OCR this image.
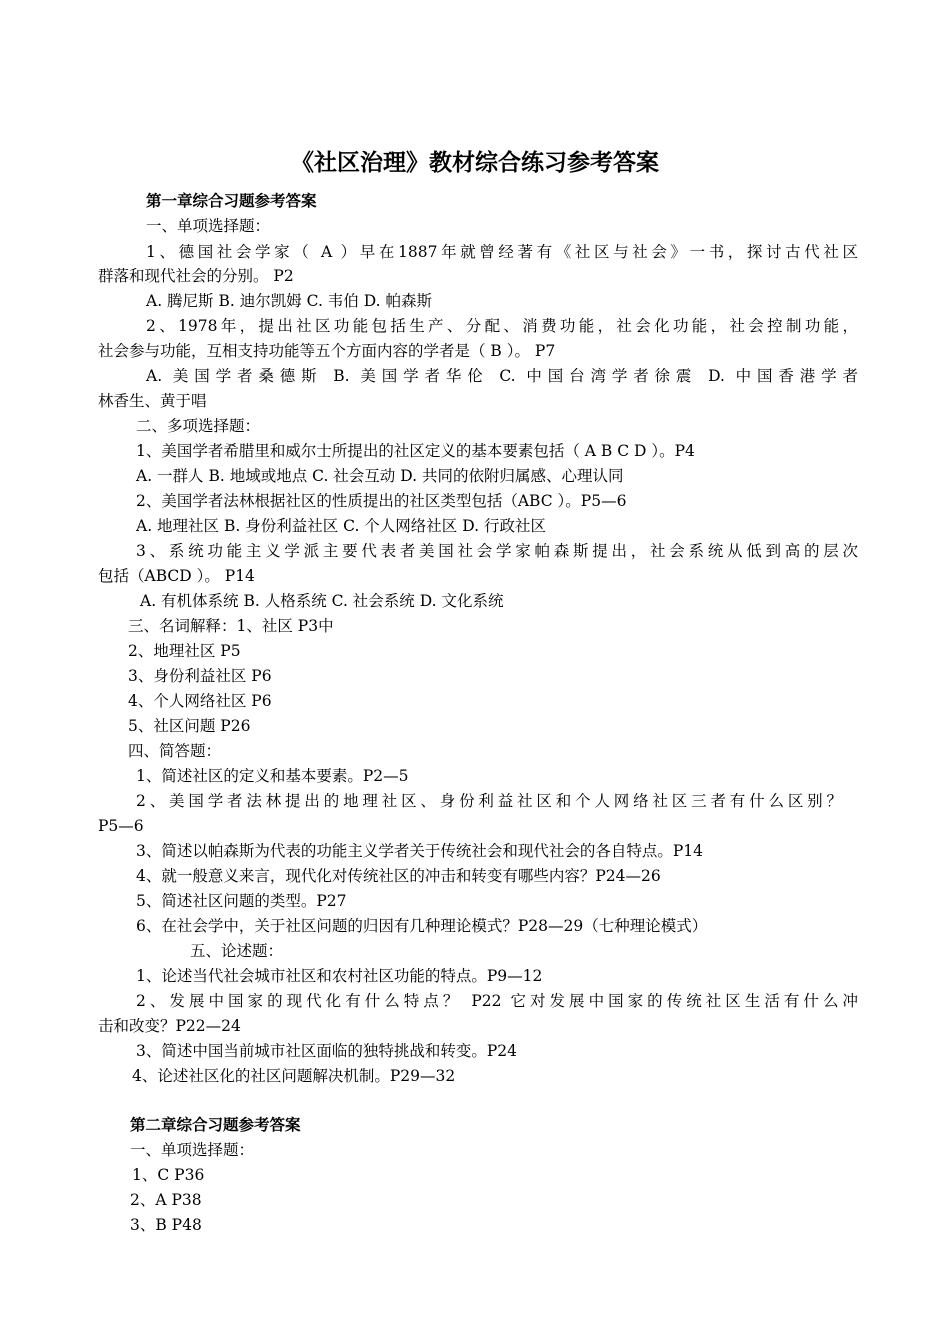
《社区治理》教材综合练习参考答案
第一章综合习题参考答案
一、单项选择题：
1、德国社会学家（ A ）早在1887年就曾经著有《社区与社会》一书，探讨古代社区
群落和现代社会的分别。 P2
A. 腾尼斯 B. 迪尔凯姆 C. 韦伯 D. 帕森斯
2、1978年，提出社区功能包括生产、分配、消费功能，社会化功能，社会控制功能，
社会参与功能，互相支持功能等五个方面内容的学者是（ B ）。 P7
A. 美国学者桑德斯 B. 美国学者华伦 C. 中国台湾学者徐震 D. 中国香港学者
林香生、黄于唱
二、多项选择题：
1、美国学者希腊里和威尔士所提出的社区定义的基本要素包括（ A B C D ）。P4
A. 一群人 B. 地域或地点 C. 社会互动 D. 共同的依附归属感、心理认同
2、美国学者法林根据社区的性质提出的社区类型包括（ABC ）。P5—6
A. 地理社区 B. 身份利益社区 C. 个人网络社区 D. 行政社区
3、系统功能主义学派主要代表者美国社会学家帕森斯提出，社会系统从低到高的层次
包括（ABCD ）。 P14
A. 有机体系统 B. 人格系统 C. 社会系统 D. 文化系统
三、名词解释：1、社区 P3中
2、地理社区 P5
3、身份利益社区 P6
4、个人网络社区 P6
5、社区问题 P26
四、简答题：
1、简述社区的定义和基本要素。P2—5
2、美国学者法林提出的地理社区、身份利益社区和个人网络社区三者有什么区别？
P5—6
3、简述以帕森斯为代表的功能主义学者关于传统社会和现代社会的各自特点。P14
4、就一般意义来言，现代化对传统社区的冲击和转变有哪些内容？P24—26
5、简述社区问题的类型。P27
6、在社会学中，关于社区问题的归因有几种理论模式？P28—29（七种理论模式）
五、论述题：
1、论述当代社会城市社区和农村社区功能的特点。P9—12
2、发展中国家的现代化有什么特点？ P22 它对发展中国家的传统社区生活有什么冲
击和改变？P22—24
3、简述中国当前城市社区面临的独特挑战和转变。P24
4、论述社区化的社区问题解决机制。P29—32
第二章综合习题参考答案
一、单项选择题：
1、C P36
2、A P38
3、B P48
